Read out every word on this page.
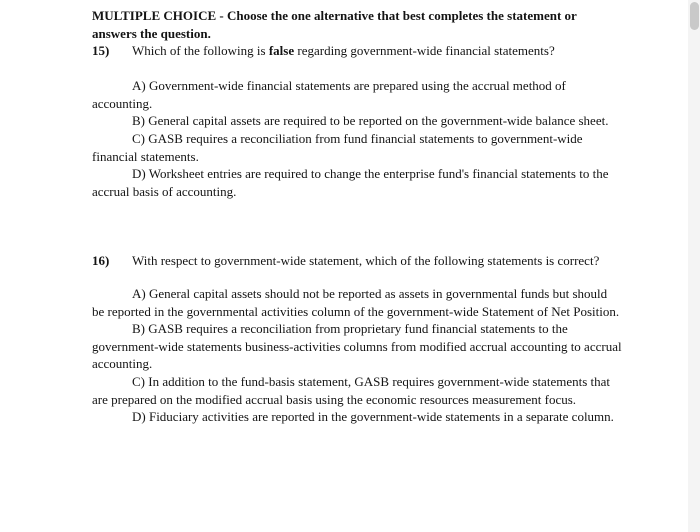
MULTIPLE CHOICE - Choose the one alternative that best completes the statement or answers the question.
15)	Which of the following is false regarding government-wide financial statements?
A) Government-wide financial statements are prepared using the accrual method of accounting.
B) General capital assets are required to be reported on the government-wide balance sheet.
C) GASB requires a reconciliation from fund financial statements to government-wide financial statements.
D) Worksheet entries are required to change the enterprise fund's financial statements to the accrual basis of accounting.
16)	With respect to government-wide statement, which of the following statements is correct?
A) General capital assets should not be reported as assets in governmental funds but should be reported in the governmental activities column of the government-wide Statement of Net Position.
B) GASB requires a reconciliation from proprietary fund financial statements to the government-wide statements business-activities columns from modified accrual accounting to accrual accounting.
C) In addition to the fund-basis statement, GASB requires government-wide statements that are prepared on the modified accrual basis using the economic resources measurement focus.
D) Fiduciary activities are reported in the government-wide statements in a separate column.
